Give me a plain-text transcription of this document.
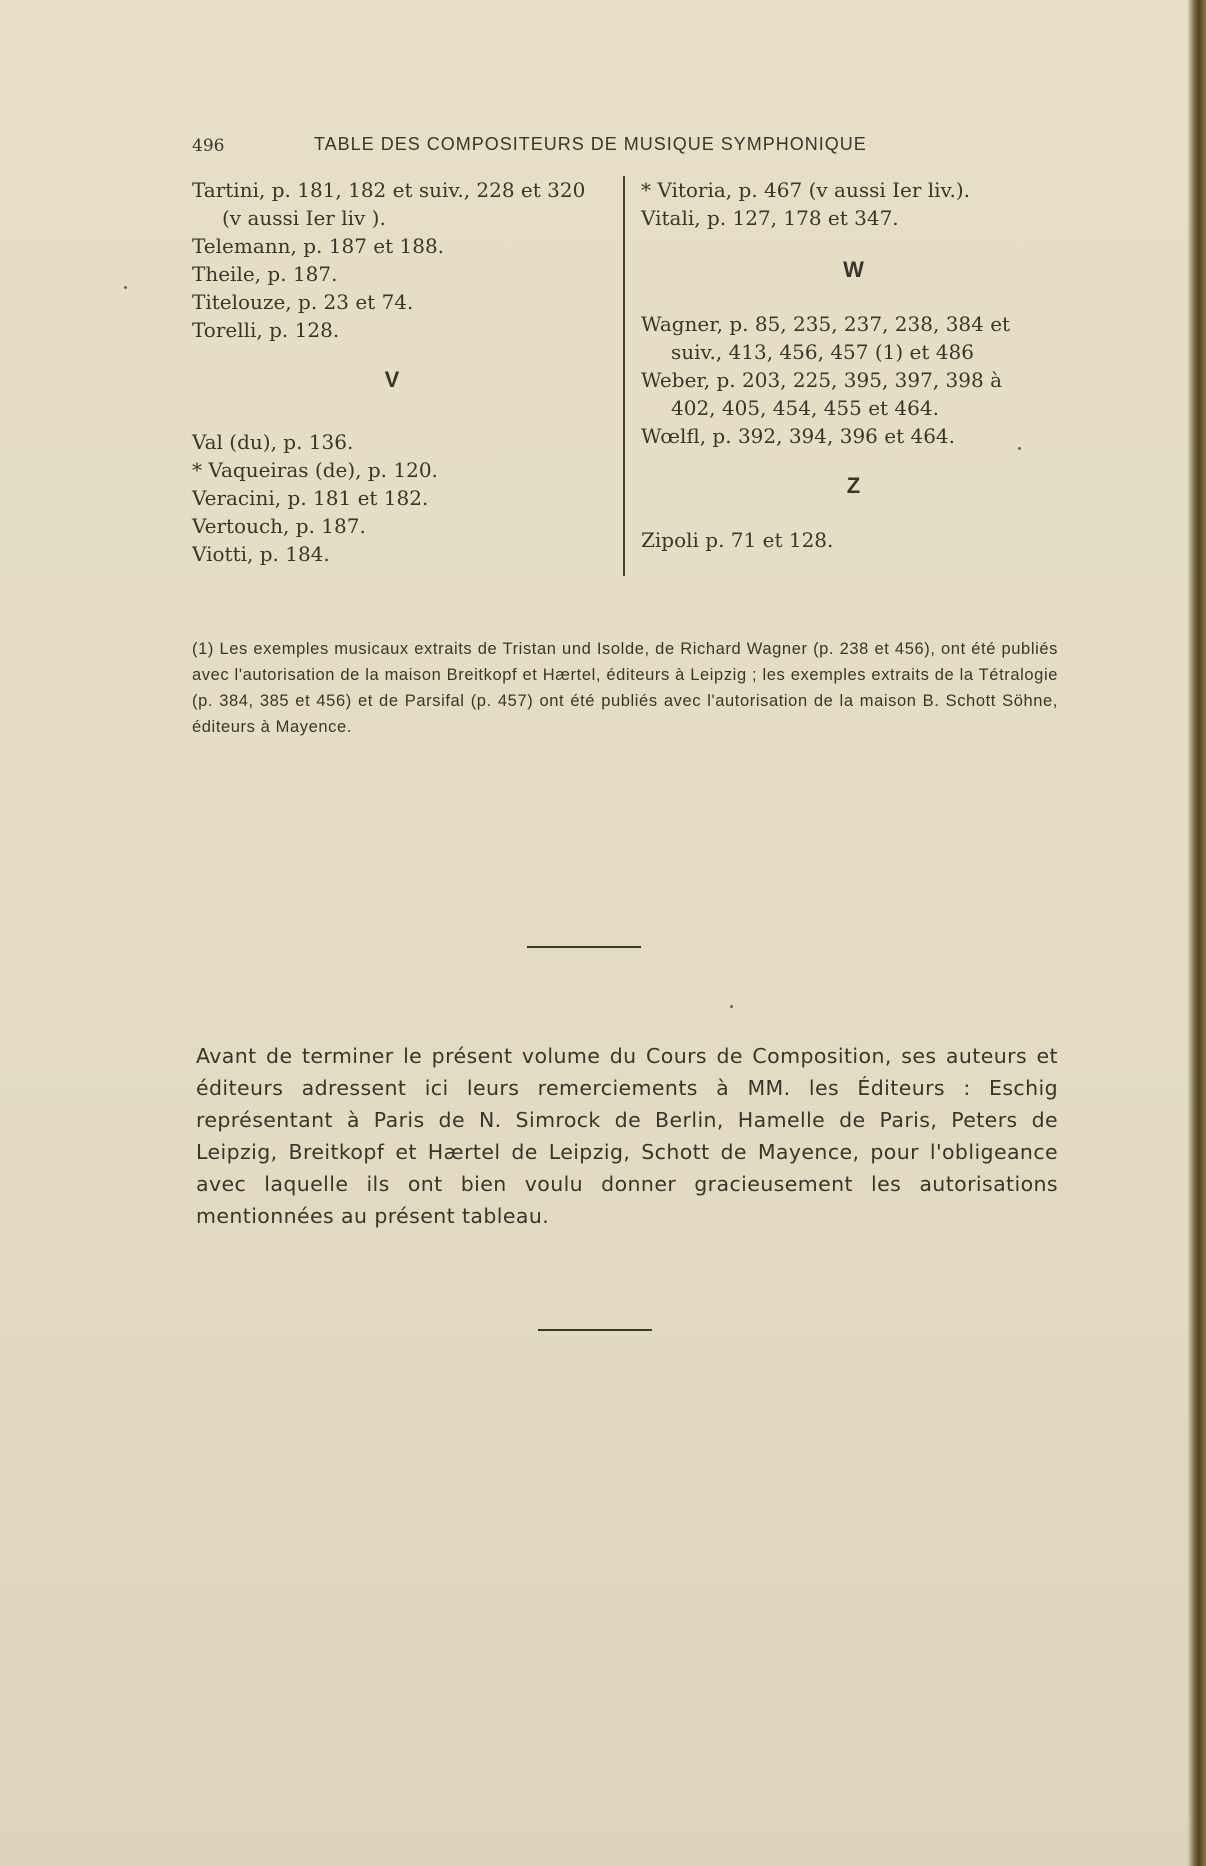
496	TABLE DES COMPOSITEURS DE MUSIQUE SYMPHONIQUE

Tartini, p. 181, 182 et suiv., 228 et 320

(v aussi Ier liv ).

Telemann, p. 187 et 188.

Theile, p. 187.

Titelouze, p. 23 et 74.

Torelli, p. 128.

V

Val (du), p. 136.

* Vaqueiras (de), p. 120.

Veracini, p. 181 et 182.

Vertouch, p. 187.

Viotti, p. 184.

* Vitoria, p. 467 (v aussi Ier liv.).

Vitali, p. 127, 178 et 347.

W

Wagner, p. 85, 235, 237, 238, 384 et

suiv., 413, 456, 457 (1) et 486

Weber, p. 203, 225, 395, 397, 398 à

402, 405, 454, 455 et 464.

Wœlfl, p. 392, 394, 396 et 464.

Z

Zipoli p. 71 et 128.

(1) Les exemples musicaux extraits de Tristan und Isolde, de Richard Wagner (p. 238 et 456), ont été publiés avec l'autorisation de la maison Breitkopf et Hærtel, éditeurs à Leipzig ; les exemples extraits de la Tétralogie (p. 384, 385 et 456) et de Parsifal (p. 457) ont été publiés avec l'autorisation de la maison B. Schott Söhne, éditeurs à Mayence.
Avant de terminer le présent volume du Cours de Composition, ses auteurs et éditeurs adressent ici leurs remerciements à MM. les Éditeurs : Eschig représentant à Paris de N. Simrock de Berlin, Hamelle de Paris, Peters de Leipzig, Breitkopf et Hærtel de Leipzig, Schott de Mayence, pour l'obligeance avec laquelle ils ont bien voulu donner gracieusement les autorisations mentionnées au présent tableau.
